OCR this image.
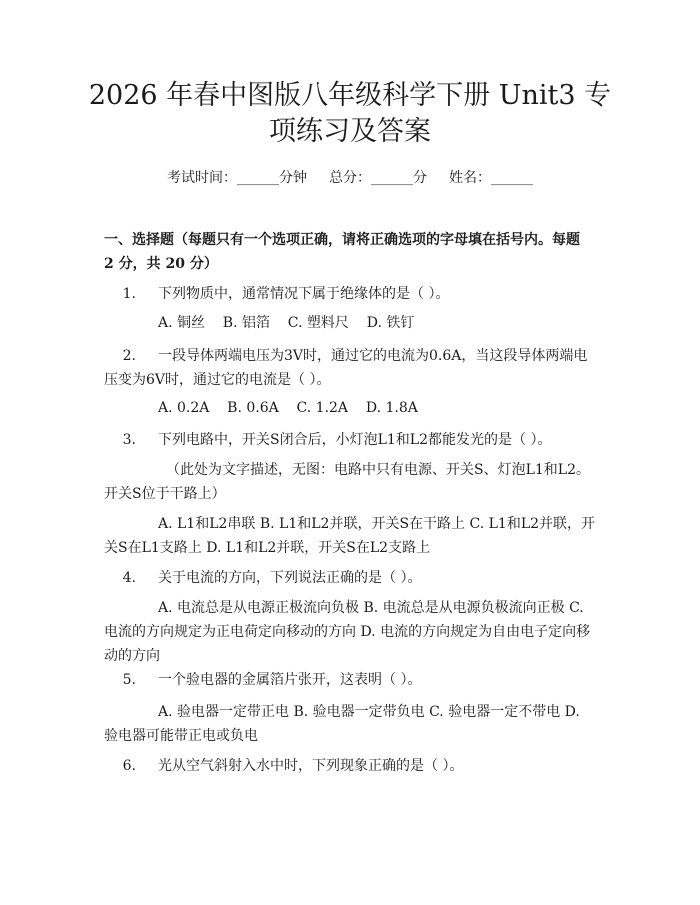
2026 年春中图版八年级科学下册 Unit3 专项练习及答案
考试时间：______分钟 总分：______分 姓名：______
一、选择题（每题只有一个选项正确，请将正确选项的字母填在括号内。每题 2 分，共 20 分）
1. 下列物质中，通常情况下属于绝缘体的是（ ）。
A. 铜丝    B. 铝箔    C. 塑料尺    D. 铁钉
2. 一段导体两端电压为3V时，通过它的电流为0.6A，当这段导体两端电压变为6V时，通过它的电流是（ ）。
A. 0.2A    B. 0.6A    C. 1.2A    D. 1.8A
3. 下列电路中，开关S闭合后，小灯泡L1和L2都能发光的是（ ）。
（此处为文字描述，无图：电路中只有电源、开关S、灯泡L1和L2。开关S位于干路上）
A. L1和L2串联 B. L1和L2并联，开关S在干路上 C. L1和L2并联，开关S在L1支路上 D. L1和L2并联，开关S在L2支路上
4. 关于电流的方向，下列说法正确的是（ ）。
A. 电流总是从电源正极流向负极 B. 电流总是从电源负极流向正极 C. 电流的方向规定为正电荷定向移动的方向 D. 电流的方向规定为自由电子定向移动的方向
5. 一个验电器的金属箔片张开，这表明（ ）。
A. 验电器一定带正电 B. 验电器一定带负电 C. 验电器一定不带电 D. 验电器可能带正电或负电
6. 光从空气斜射入水中时，下列现象正确的是（ ）。
